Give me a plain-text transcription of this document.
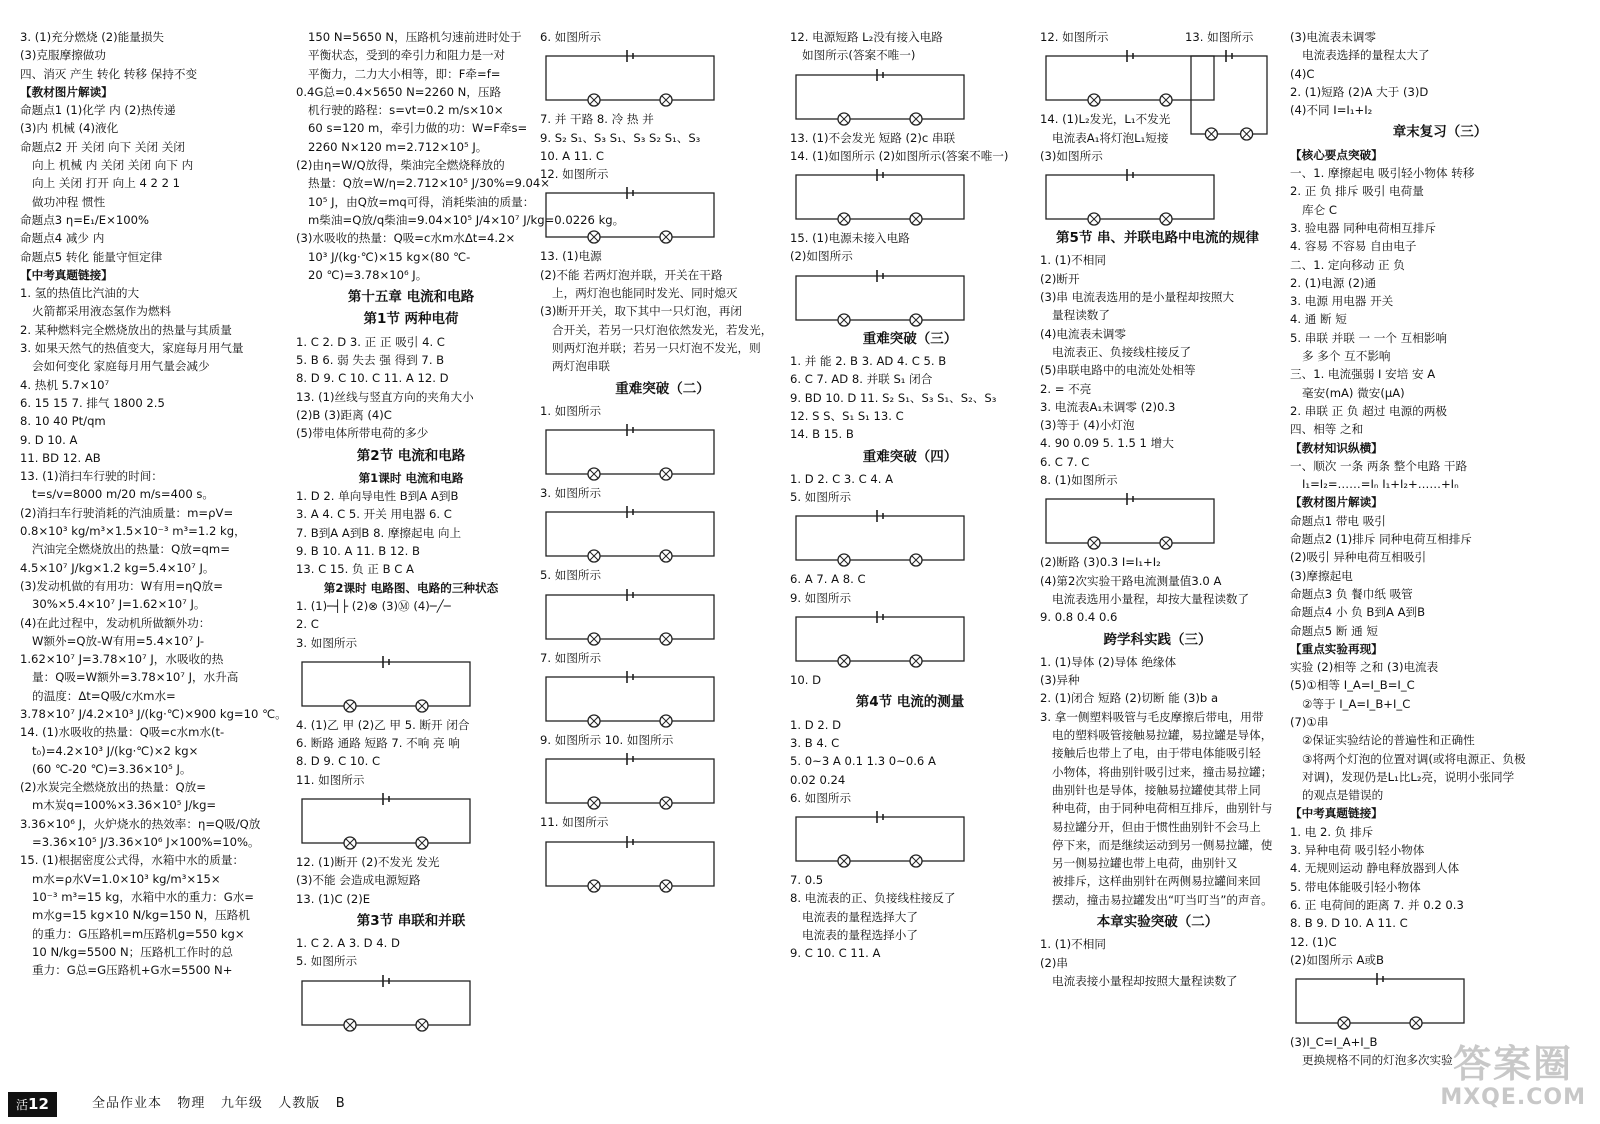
3. (1)充分燃烧 (2)能量损失
(3)克服摩擦做功
四、消灭 产生 转化 转移 保持不变
【教材图片解读】
命题点1 (1)化学 内 (2)热传递
(3)内 机械 (4)液化
命题点2 开 关闭 向下 关闭 关闭
向上 机械 内 关闭 关闭 向下 内
向上 关闭 打开 向上 4 2 2 1
做功冲程 惯性
命题点3 η=E₁/E×100%
命题点4 减少 内
命题点5 转化 能量守恒定律
【中考真题链接】
1. 氢的热值比汽油的大
火箭都采用液态氢作为燃料
2. 某种燃料完全燃烧放出的热量与其质量
3. 如果天然气的热值变大，家庭每月用气量
会如何变化 家庭每月用气量会减少
4. 热机 5.7×10⁷
6. 15 15 7. 排气 1800 2.5
8. 10 40 Pt/qm
9. D 10. A
11. BD 12. AB
13. (1)消扫车行驶的时间：
t=s/v=8000 m/20 m/s=400 s。
(2)消扫车行驶消耗的汽油质量：m=ρV=
0.8×10³ kg/m³×1.5×10⁻³ m³=1.2 kg，
汽油完全燃烧放出的热量：Q放=qm=
4.5×10⁷ J/kg×1.2 kg=5.4×10⁷ J。
(3)发动机做的有用功：W有用=ηQ放=
30%×5.4×10⁷ J=1.62×10⁷ J。
(4)在此过程中，发动机所做额外功：
W额外=Q放-W有用=5.4×10⁷ J-
1.62×10⁷ J=3.78×10⁷ J，水吸收的热
量：Q吸=W额外=3.78×10⁷ J，水升高
的温度：Δt=Q吸/c水m水=
3.78×10⁷ J/4.2×10³ J/(kg·℃)×900 kg=10 ℃。
14. (1)水吸收的热量：Q吸=c水m水(t-
t₀)=4.2×10³ J/(kg·℃)×2 kg×
(60 ℃-20 ℃)=3.36×10⁵ J。
(2)水炭完全燃烧放出的热量：Q放=
m木炭q=100%×3.36×10⁵ J/kg=
3.36×10⁶ J，火炉烧水的热效率：η=Q吸/Q放
=3.36×10⁵ J/3.36×10⁶ J×100%=10%。
15. (1)根据密度公式得，水箱中水的质量：
m水=ρ水V=1.0×10³ kg/m³×15×
10⁻³ m³=15 kg，水箱中水的重力：G水=
m水g=15 kg×10 N/kg=150 N，压路机
的重力：G压路机=m压路机g=550 kg×
10 N/kg=5500 N；压路机工作时的总
重力：G总=G压路机+G水=5500 N+
150 N=5650 N，压路机匀速前进时处于
平衡状态，受到的牵引力和阻力是一对
平衡力，二力大小相等，即：F牵=f=
0.4G总=0.4×5650 N=2260 N，压路
机行驶的路程：s=vt=0.2 m/s×10×
60 s=120 m，牵引力做的功：W=F牵s=
2260 N×120 m=2.712×10⁵ J。
(2)由η=W/Q放得，柴油完全燃烧释放的
热量：Q放=W/η=2.712×10⁵ J/30%=9.04×
10⁵ J，由Q放=mq可得，消耗柴油的质量：
m柴油=Q放/q柴油=9.04×10⁵ J/4×10⁷ J/kg=0.0226 kg。
(3)水吸收的热量：Q吸=c水m水Δt=4.2×
10³ J/(kg·℃)×15 kg×(80 ℃-
20 ℃)=3.78×10⁶ J。
第十五章 电流和电路
第1节 两种电荷
1. C 2. D 3. 正 正 吸引 4. C
5. B 6. 弱 失去 强 得到 7. B
8. D 9. C 10. C 11. A 12. D
13. (1)丝线与竖直方向的夹角大小
(2)B (3)距离 (4)C
(5)带电体所带电荷的多少
第2节 电流和电路
第1课时 电流和电路
1. D 2. 单向导电性 B到A A到B
3. A 4. C 5. 开关 用电器 6. C
7. B到A A到B 8. 摩擦起电 向上
9. B 10. A 11. B 12. B
13. C 15. 负 正 B C A
第2课时 电路图、电路的三种状态
1. (1)─┤├ (2)⊗ (3)Ⓜ (4)─╱─
2. C
3. 如图所示
4. (1)乙 甲 (2)乙 甲 5. 断开 闭合
6. 断路 通路 短路 7. 不响 亮 响
8. D 9. C 10. C
11. 如图所示
12. (1)断开 (2)不发光 发光
(3)不能 会造成电源短路
13. (1)C (2)E
第3节 串联和并联
1. C 2. A 3. D 4. D
5. 如图所示
6. 如图所示
7. 并 干路 8. 冷 热 并
9. S₂ S₁、S₃ S₁、S₃ S₂ S₁、S₃
10. A 11. C
12. 如图所示
13. (1)电源
(2)不能 若两灯泡并联，开关在干路
上，两灯泡也能同时发光、同时熄灭
(3)断开开关，取下其中一只灯泡，再闭
合开关，若另一只灯泡依然发光，若发光，
则两灯泡并联；若另一只灯泡不发光，则
两灯泡串联
重难突破（二）
1. 如图所示
3. 如图所示
5. 如图所示
7. 如图所示
9. 如图所示 10. 如图所示
11. 如图所示
12. 电源短路 L₂没有接入电路
如图所示(答案不唯一)
13. (1)不会发光 短路 (2)c 串联
14. (1)如图所示 (2)如图所示(答案不唯一)
15. (1)电源未接入电路
(2)如图所示
重难突破（三）
1. 并 能 2. B 3. AD 4. C 5. B
6. C 7. AD 8. 并联 S₁ 闭合
9. BD 10. D 11. S₂ S₁、S₃ S₁、S₂、S₃
12. S S、S₁ S₁ 13. C
14. B 15. B
重难突破（四）
1. D 2. C 3. C 4. A
5. 如图所示
6. A 7. A 8. C
9. 如图所示
10. D
第4节 电流的测量
1. D 2. D
3. B 4. C
5. 0~3 A 0.1 1.3 0~0.6 A
0.02 0.24
6. 如图所示
7. 0.5
8. 电流表的正、负接线柱接反了
电流表的量程选择大了
电流表的量程选择小了
9. C 10. C 11. A
12. 如图所示
14. (1)L₂发光，L₁不发光
电流表A₁将灯泡L₁短接
(3)如图所示
第5节 串、并联电路中电流的规律
1. (1)不相同
(2)断开
(3)串 电流表选用的是小量程却按照大
量程读数了
(4)电流表未调零
电流表正、负接线柱接反了
(5)串联电路中的电流处处相等
2. = 不亮
3. 电流表A₁未调零 (2)0.3
(3)等于 (4)小灯泡
4. 90 0.09 5. 1.5 1 增大
6. C 7. C
8. (1)如图所示
(2)断路 (3)0.3 I=I₁+I₂
(4)第2次实验干路电流测量值3.0 A
电流表选用小量程，却按大量程读数了
9. 0.8 0.4 0.6
跨学科实践（三）
1. (1)导体 (2)导体 绝缘体
(3)异种
2. (1)闭合 短路 (2)切断 能 (3)b a
3. 拿一侧塑料吸管与毛皮摩擦后带电，用带
电的塑料吸管接触易拉罐，易拉罐是导体，
接触后也带上了电，由于带电体能吸引轻
小物体，将曲别针吸引过来，撞击易拉罐；
曲别针也是导体，接触易拉罐使其带上同
种电荷，由于同种电荷相互排斥，曲别针与
易拉罐分开，但由于惯性曲别针不会马上
停下来，而是继续运动到另一侧易拉罐，使
另一侧易拉罐也带上电荷，曲别针又
被排斥，这样曲别针在两侧易拉罐间来回
摆动，撞击易拉罐发出“叮当叮当”的声音。
本章实验突破（二）
1. (1)不相同
(2)串
电流表接小量程却按照大量程读数了
13. 如图所示	(3)电流表未调零
电流表选择的量程太大了
(4)C
2. (1)短路 (2)A 大于 (3)D
(4)不同 I=I₁+I₂
章末复习（三）
【核心要点突破】
一、1. 摩擦起电 吸引轻小物体 转移
2. 正 负 排斥 吸引 电荷量
库仑 C
3. 验电器 同种电荷相互排斥
4. 容易 不容易 自由电子
二、1. 定向移动 正 负
2. (1)电源 (2)通
3. 电源 用电器 开关
4. 通 断 短
5. 串联 并联 一 一个 互相影响
多 多个 互不影响
三、1. 电流强弱 I 安培 安 A
毫安(mA) 微安(μA)
2. 串联 正 负 超过 电源的两极
四、相等 之和
【教材知识纵横】
一、顺次 一条 两条 整个电路 干路
I₁=I₂=……=Iₙ I₁+I₂+……+Iₙ
【教材图片解读】
命题点1 带电 吸引
命题点2 (1)排斥 同种电荷互相排斥
(2)吸引 异种电荷互相吸引
(3)摩擦起电
命题点3 负 餐巾纸 吸管
命题点4 小 负 B到A A到B
命题点5 断 通 短
【重点实验再现】
实验 (2)相等 之和 (3)电流表
(5)①相等 I_A=I_B=I_C
②等于 I_A=I_B+I_C
(7)①串
②保证实验结论的普遍性和正确性
③将两个灯泡的位置对调(或将电源正、负极
对调)，发现仍是L₁比L₂亮，说明小张同学
的观点是错误的
【中考真题链接】
1. 电 2. 负 排斥
3. 异种电荷 吸引轻小物体
4. 无规则运动 静电释放器到人体
5. 带电体能吸引轻小物体
6. 正 电荷间的距离 7. 并 0.2 0.3
8. B 9. D 10. A 11. C
12. (1)C
(2)如图所示 A或B
(3)I_C=I_A+I_B
更换规格不同的灯泡多次实验
活12	全品作业本 物理 九年级 人教版 B
答案圈
MXQE.COM
